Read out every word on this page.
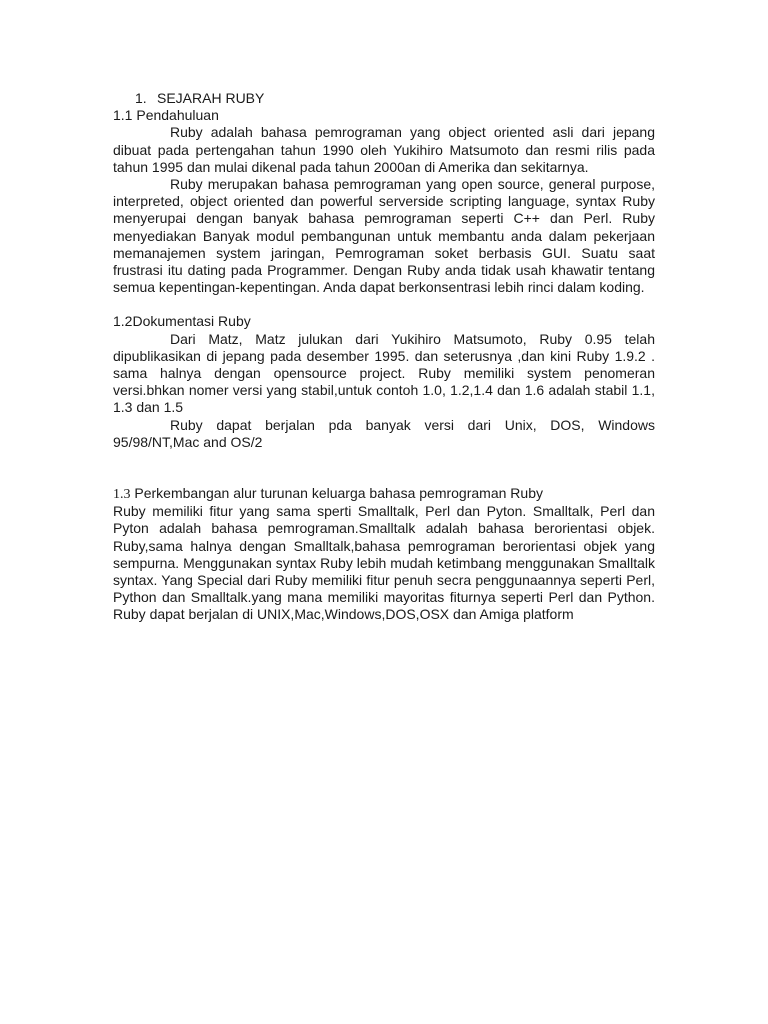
1. SEJARAH RUBY
1.1 Pendahuluan

Ruby adalah bahasa pemrograman yang object oriented asli dari jepang dibuat pada pertengahan tahun 1990 oleh Yukihiro Matsumoto dan resmi rilis pada tahun 1995 dan mulai dikenal pada tahun 2000an di Amerika dan sekitarnya.

Ruby merupakan bahasa pemrograman yang open source, general purpose, interpreted, object oriented dan powerful serverside scripting language, syntax Ruby menyerupai dengan banyak bahasa pemrograman seperti C++ dan Perl. Ruby menyediakan Banyak modul pembangunan untuk membantu anda dalam pekerjaan memanajemen system jaringan, Pemrograman soket berbasis GUI. Suatu saat frustrasi itu dating pada Programmer. Dengan Ruby anda tidak usah khawatir tentang semua kepentingan-kepentingan. Anda dapat berkonsentrasi lebih rinci dalam koding.

1.2Dokumentasi Ruby

Dari Matz, Matz julukan dari Yukihiro Matsumoto, Ruby 0.95 telah dipublikasikan di jepang pada desember 1995. dan seterusnya ,dan kini Ruby 1.9.2 . sama halnya dengan opensource project. Ruby memiliki system penomeran versi.bhkan nomer versi yang stabil,untuk contoh 1.0, 1.2,1.4 dan 1.6 adalah stabil 1.1, 1.3 dan 1.5

Ruby dapat berjalan pda banyak versi dari Unix, DOS, Windows 95/98/NT,Mac and OS/2

1.3 Perkembangan alur turunan keluarga bahasa pemrograman Ruby

Ruby memiliki fitur yang sama sperti Smalltalk, Perl dan Pyton. Smalltalk, Perl dan Pyton adalah bahasa pemrograman.Smalltalk adalah bahasa berorientasi objek. Ruby,sama halnya dengan Smalltalk,bahasa pemrograman berorientasi objek yang sempurna. Menggunakan syntax Ruby lebih mudah ketimbang menggunakan Smalltalk syntax. Yang Special dari Ruby memiliki fitur penuh secra penggunaannya seperti Perl, Python dan Smalltalk.yang mana memiliki mayoritas fiturnya seperti Perl dan Python. Ruby dapat berjalan di UNIX,Mac,Windows,DOS,OSX dan Amiga platform
